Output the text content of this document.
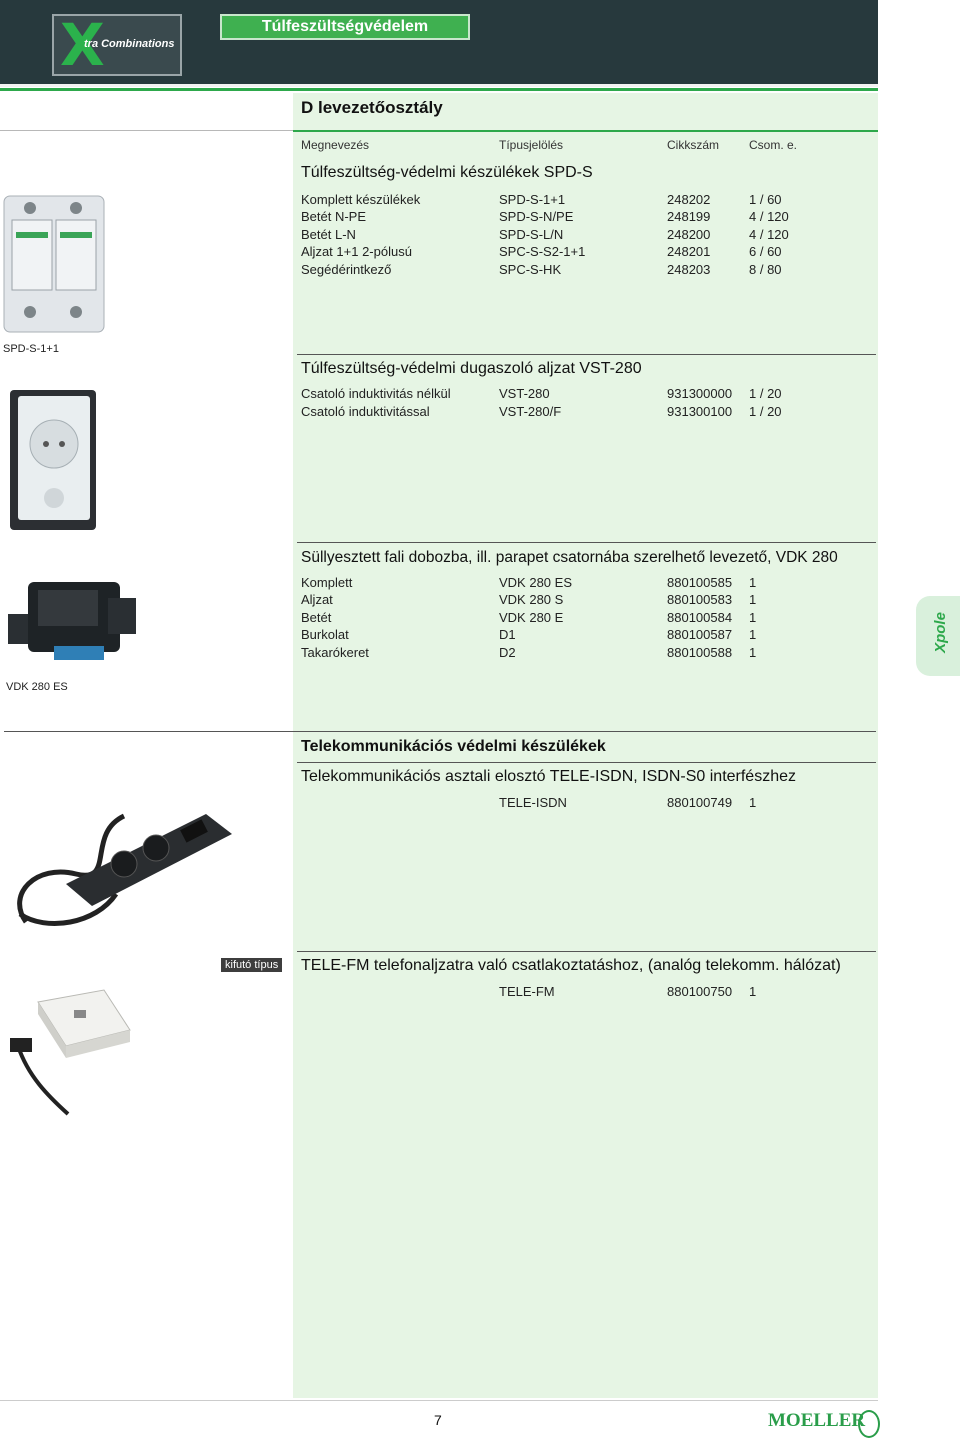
X
tra Combinations
Túlfeszültségvédelem
D levezetőosztály
Megnevezés	Típusjelölés	Cikkszám Csom. e.
Túlfeszültség-védelmi készülékek SPD-S
Komplett készülékek	SPD-S-1+1	248202	1 / 60
Betét N-PE	SPD-S-N/PE	248199	4 / 120
Betét L-N	SPD-S-L/N	248200	4 / 120
Aljzat 1+1 2-pólusú	SPC-S-S2-1+1	248201	6 / 60
Segédérintkező	SPC-S-HK	248203	8 / 80
Túlfeszültség-védelmi dugaszoló aljzat VST-280
Csatoló induktivitás nélkül	VST-280	931300000 1 / 20
Csatoló induktivitással	VST-280/F	931300100 1 / 20
Süllyesztett fali dobozba, ill. parapet csatornába szerelhető levezető, VDK 280
Komplett	VDK 280 ES	880100585 1
Aljzat	VDK 280 S	880100583 1
Betét	VDK 280 E	880100584 1
Burkolat	D1	880100587 1
Takarókeret	D2	880100588 1
Telekommunikációs védelmi készülékek
Telekommunikációs asztali elosztó TELE-ISDN, ISDN-S0 interfészhez
TELE-ISDN	880100749 1
kifutó típus TELE-FM telefonaljzatra való csatlakoztatáshoz, (analóg telekomm. hálózat)
TELE-FM	880100750 1
SPD-S-1+1
VDK 280 ES
Xpole
7	MOELLER
